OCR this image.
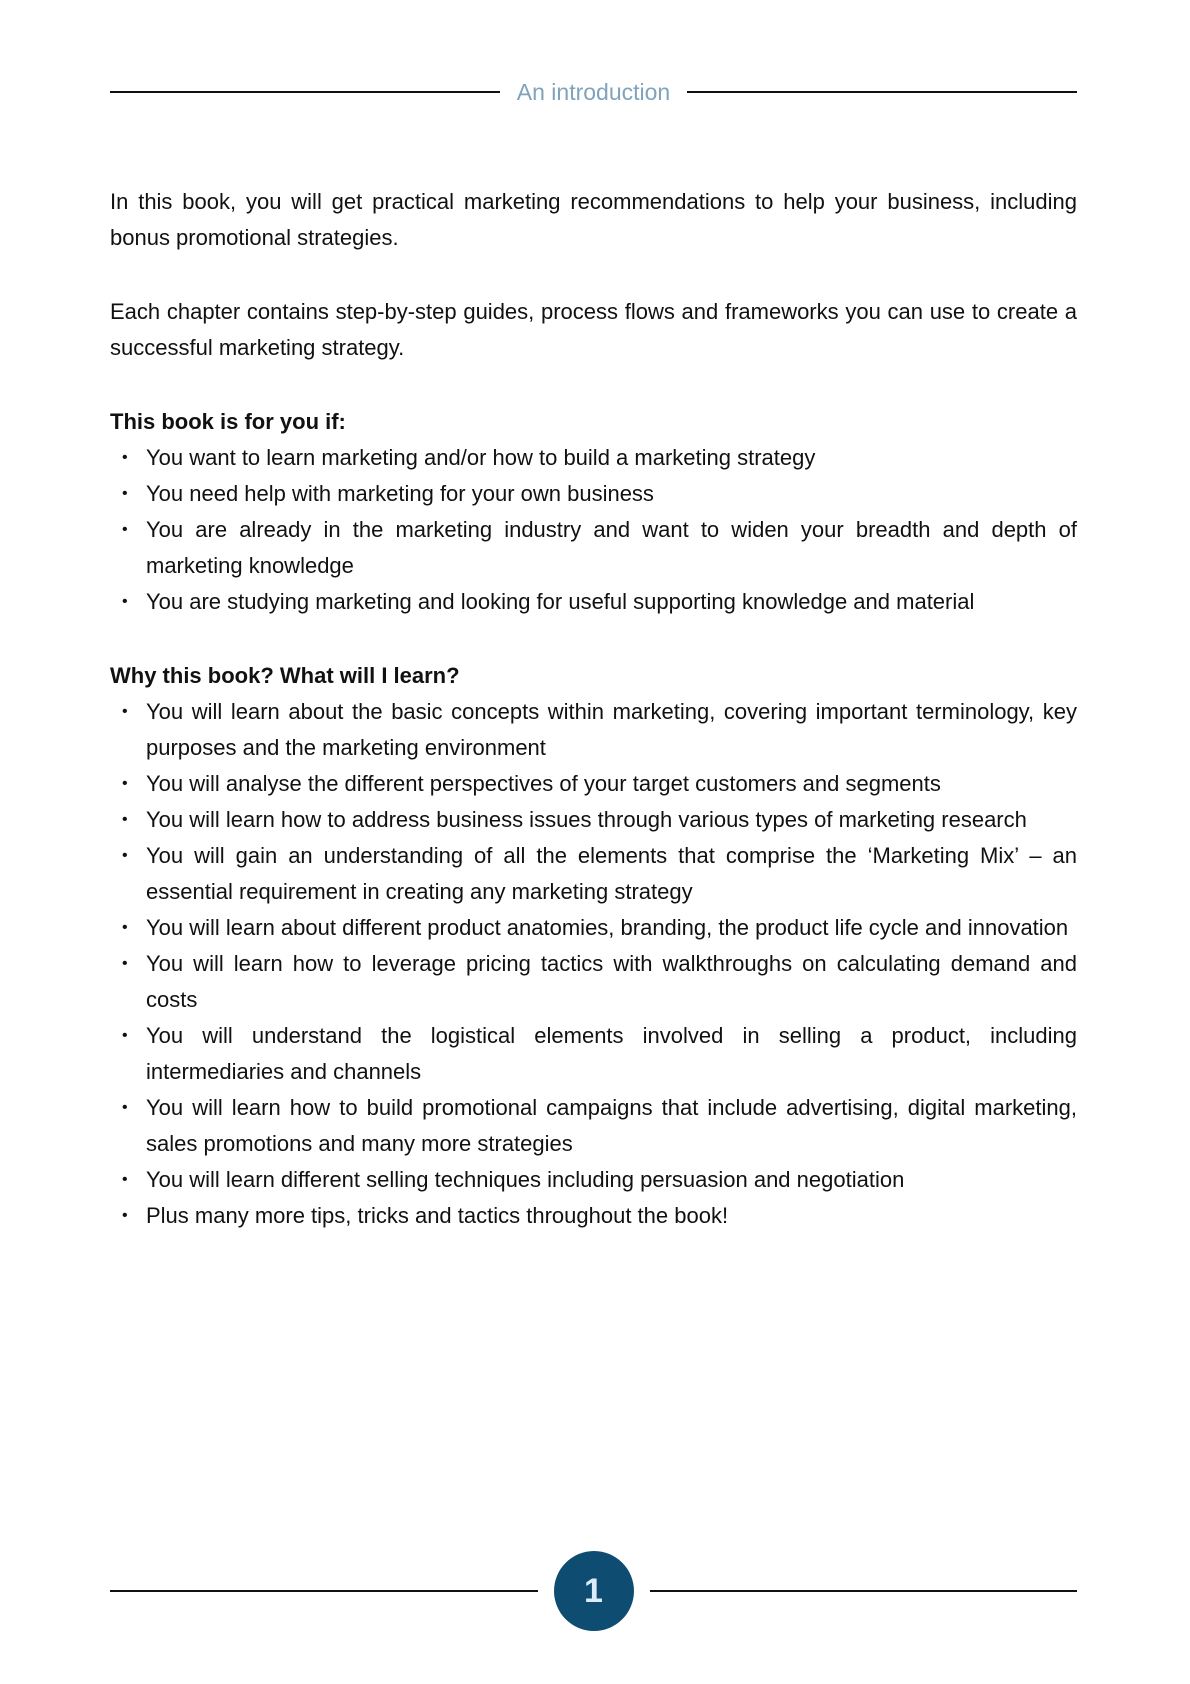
An introduction

In this book, you will get practical marketing recommendations to help your business, including bonus promotional strategies.

Each chapter contains step-by-step guides, process flows and frameworks you can use to create a successful marketing strategy.

This book is for you if:
• You want to learn marketing and/or how to build a marketing strategy
• You need help with marketing for your own business
• You are already in the marketing industry and want to widen your breadth and depth of marketing knowledge
• You are studying marketing and looking for useful supporting knowledge and material
Why this book? What will I learn?
• You will learn about the basic concepts within marketing, covering important terminology, key purposes and the marketing environment
• You will analyse the different perspectives of your target customers and segments
• You will learn how to address business issues through various types of marketing research
• You will gain an understanding of all the elements that comprise the ‘Marketing Mix’ – an essential requirement in creating any marketing strategy
• You will learn about different product anatomies, branding, the product life cycle and innovation
• You will learn how to leverage pricing tactics with walkthroughs on calculating demand and costs
• You will understand the logistical elements involved in selling a product, including intermediaries and channels
• You will learn how to build promotional campaigns that include advertising, digital marketing, sales promotions and many more strategies
• You will learn different selling techniques including persuasion and negotiation
• Plus many more tips, tricks and tactics throughout the book!
1
